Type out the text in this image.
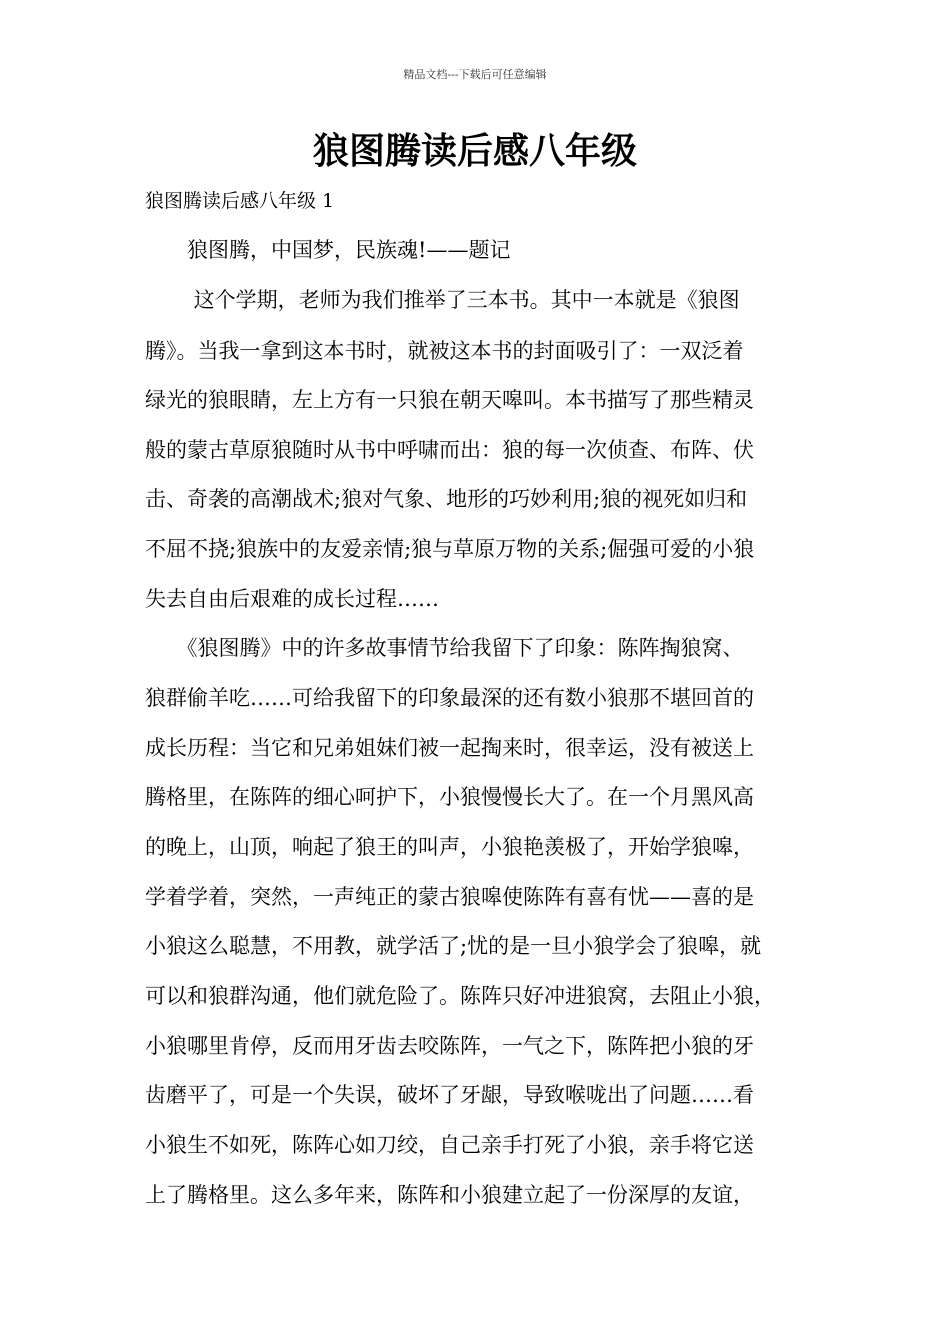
精品文档---下载后可任意编辑
狼图腾读后感八年级
狼图腾读后感八年级 1
　　狼图腾，中国梦，民族魂!——题记
　　 这个学期，老师为我们推举了三本书。其中一本就是《狼图
腾》。当我一拿到这本书时，就被这本书的封面吸引了：一双泛着
绿光的狼眼睛，左上方有一只狼在朝天嗥叫。本书描写了那些精灵
般的蒙古草原狼随时从书中呼啸而出：狼的每一次侦查、布阵、伏
击、奇袭的高潮战术;狼对气象、地形的巧妙利用;狼的视死如归和
不屈不挠;狼族中的友爱亲情;狼与草原万物的关系;倔强可爱的小狼
失去自由后艰难的成长过程……
　　《狼图腾》中的许多故事情节给我留下了印象：陈阵掏狼窝、
狼群偷羊吃……可给我留下的印象最深的还有数小狼那不堪回首的
成长历程：当它和兄弟姐妹们被一起掏来时，很幸运，没有被送上
腾格里，在陈阵的细心呵护下，小狼慢慢长大了。在一个月黑风高
的晚上，山顶，响起了狼王的叫声，小狼艳羡极了，开始学狼嗥，
学着学着，突然，一声纯正的蒙古狼嗥使陈阵有喜有忧——喜的是
小狼这么聪慧，不用教，就学活了;忧的是一旦小狼学会了狼嗥，就
可以和狼群沟通，他们就危险了。陈阵只好冲进狼窝，去阻止小狼，
小狼哪里肯停，反而用牙齿去咬陈阵，一气之下，陈阵把小狼的牙
齿磨平了，可是一个失误，破坏了牙龈，导致喉咙出了问题……看
小狼生不如死，陈阵心如刀绞，自己亲手打死了小狼，亲手将它送
上了腾格里。这么多年来，陈阵和小狼建立起了一份深厚的友谊，
